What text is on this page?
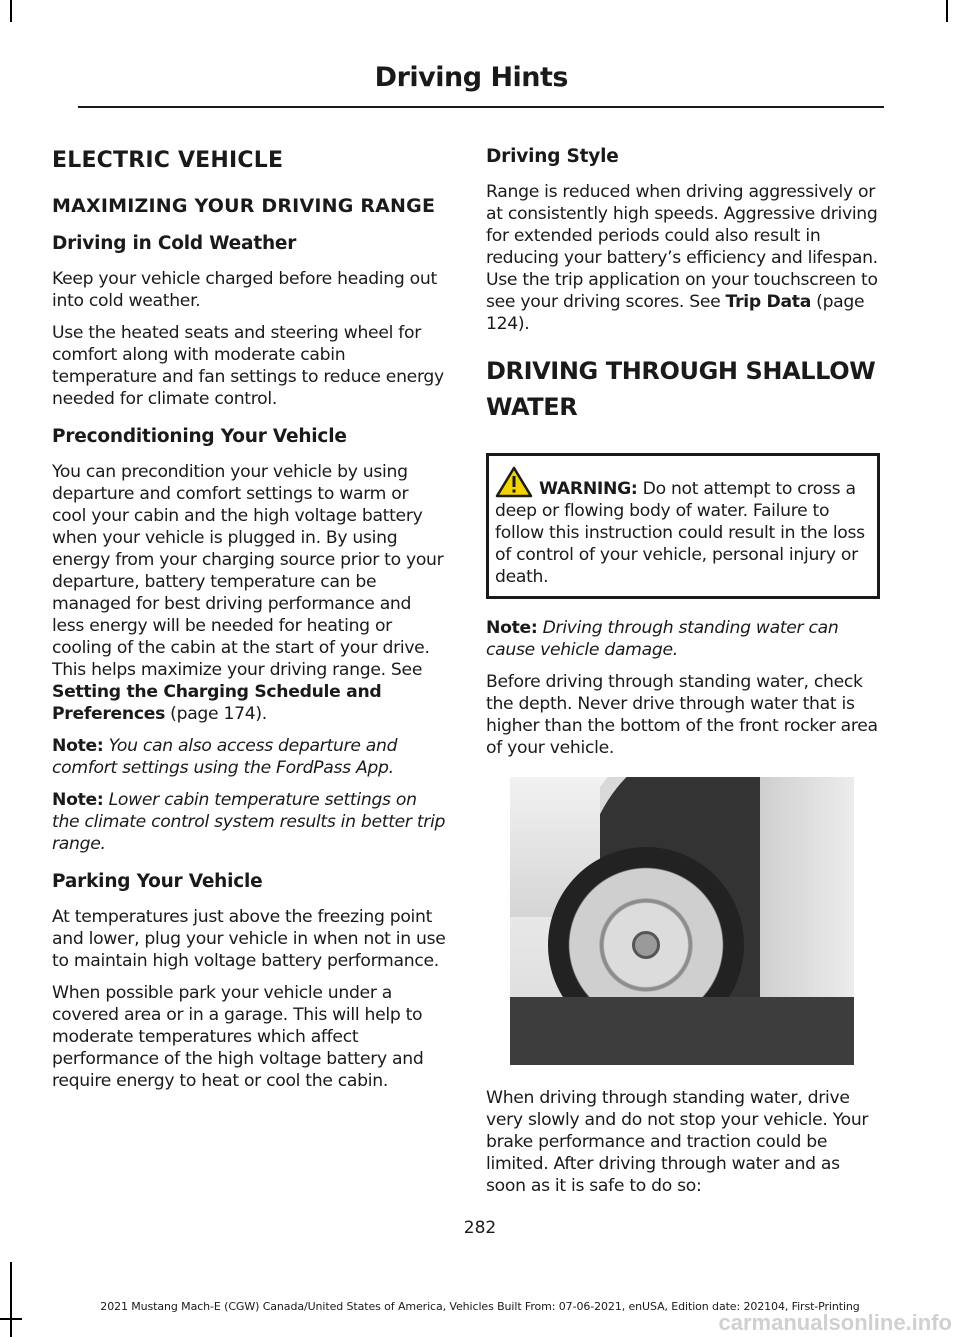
Driving Hints
ELECTRIC VEHICLE
MAXIMIZING YOUR DRIVING RANGE
Driving in Cold Weather

Keep your vehicle charged before heading out into cold weather.

Use the heated seats and steering wheel for comfort along with moderate cabin temperature and fan settings to reduce energy needed for climate control.

Preconditioning Your Vehicle

You can precondition your vehicle by using departure and comfort settings to warm or cool your cabin and the high voltage battery when your vehicle is plugged in. By using energy from your charging source prior to your departure, battery temperature can be managed for best driving performance and less energy will be needed for heating or cooling of the cabin at the start of your drive. This helps maximize your driving range. See Setting the Charging Schedule and Preferences (page 174).

Note: You can also access departure and comfort settings using the FordPass App.

Note: Lower cabin temperature settings on the climate control system results in better trip range.

Parking Your Vehicle

At temperatures just above the freezing point and lower, plug your vehicle in when not in use to maintain high voltage battery performance.

When possible park your vehicle under a covered area or in a garage. This will help to moderate temperatures which affect performance of the high voltage battery and require energy to heat or cool the cabin.

Driving Style

Range is reduced when driving aggressively or at consistently high speeds. Aggressive driving for extended periods could also result in reducing your battery’s efficiency and lifespan. Use the trip application on your touchscreen to see your driving scores. See Trip Data (page 124).

DRIVING THROUGH SHALLOW
WATER

WARNING: Do not attempt to cross a deep or flowing body of water. Failure to follow this instruction could result in the loss of control of your vehicle, personal injury or death.

Note: Driving through standing water can cause vehicle damage.

Before driving through standing water, check the depth. Never drive through water that is higher than the bottom of the front rocker area of your vehicle.

When driving through standing water, drive very slowly and do not stop your vehicle. Your brake performance and traction could be limited. After driving through water and as soon as it is safe to do so:

282
2021 Mustang Mach-E (CGW) Canada/United States of America, Vehicles Built From: 07-06-2021, enUSA, Edition date: 202104, First-Printing
carmanualsonline.info
